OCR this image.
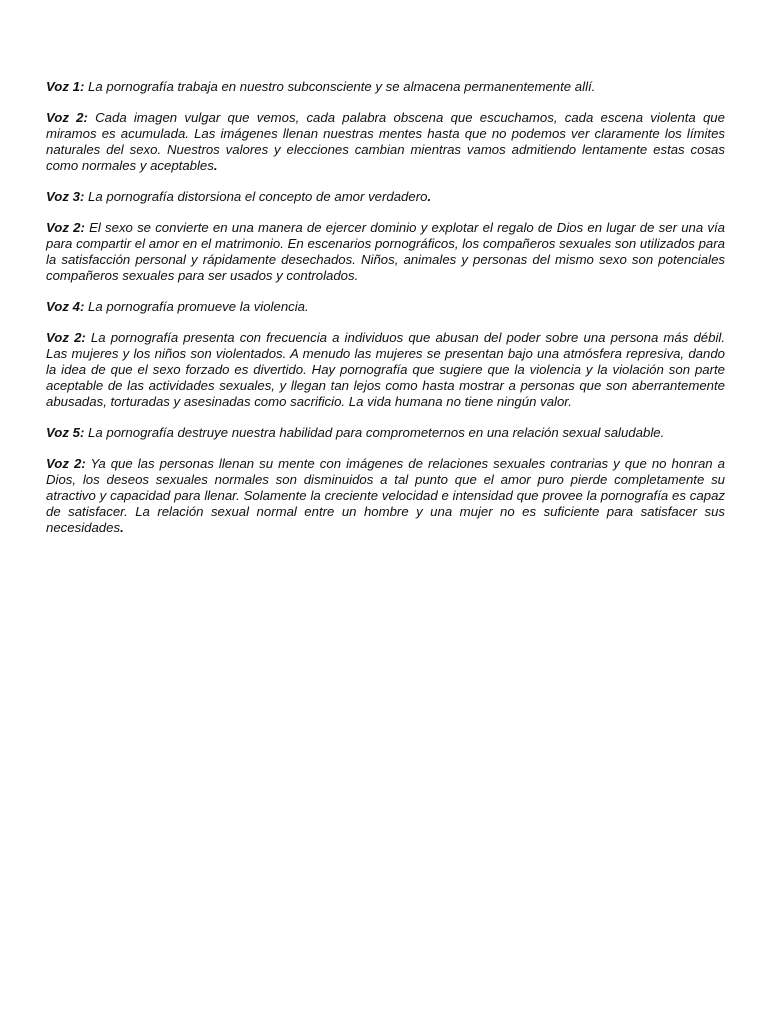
Voz 1: La pornografía trabaja en nuestro subconsciente y se almacena permanentemente allí.

Voz 2: Cada imagen vulgar que vemos, cada palabra obscena que escuchamos, cada escena violenta que miramos es acumulada. Las imágenes llenan nuestras mentes hasta que no podemos ver claramente los límites naturales del sexo. Nuestros valores y elecciones cambian mientras vamos admitiendo lentamente estas cosas como normales y aceptables.

Voz 3: La pornografía distorsiona el concepto de amor verdadero.

Voz 2: El sexo se convierte en una manera de ejercer dominio y explotar el regalo de Dios en lugar de ser una vía para compartir el amor en el matrimonio. En escenarios pornográficos, los compañeros sexuales son utilizados para la satisfacción personal y rápidamente desechados. Niños, animales y personas del mismo sexo son potenciales compañeros sexuales para ser usados y controlados.

Voz 4: La pornografía promueve la violencia.

Voz 2: La pornografía presenta con frecuencia a individuos que abusan del poder sobre una persona más débil. Las mujeres y los niños son violentados. A menudo las mujeres se presentan bajo una atmósfera represiva, dando la idea de que el sexo forzado es divertido. Hay pornografía que sugiere que la violencia y la violación son parte aceptable de las actividades sexuales, y llegan tan lejos como hasta mostrar a personas que son aberrantemente abusadas, torturadas y asesinadas como sacrificio. La vida humana no tiene ningún valor.

Voz 5: La pornografía destruye nuestra habilidad para comprometernos en una relación sexual saludable.

Voz 2: Ya que las personas llenan su mente con imágenes de relaciones sexuales contrarias y que no honran a Dios, los deseos sexuales normales son disminuidos a tal punto que el amor puro pierde completamente su atractivo y capacidad para llenar. Solamente la creciente velocidad e intensidad que provee la pornografía es capaz de satisfacer. La relación sexual normal entre un hombre y una mujer no es suficiente para satisfacer sus necesidades.
